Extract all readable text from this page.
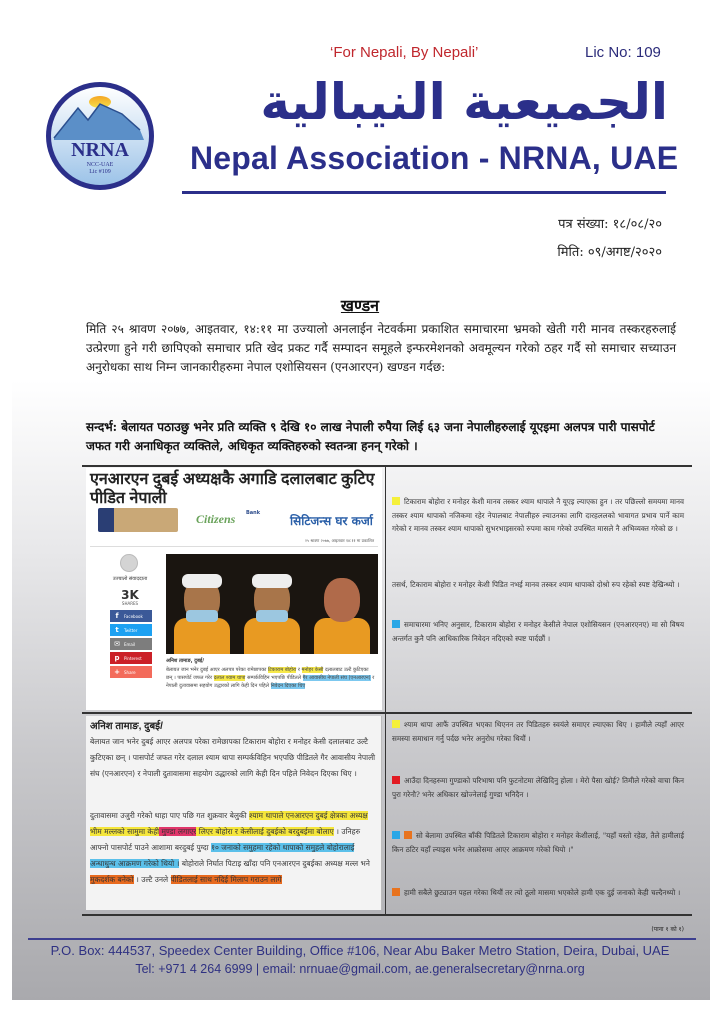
‘For Nepali, By Nepali’	Lic No: 109
NRNA
NCC-UAE
Lic #109
الجميعية النيبالية
Nepal Association - NRNA, UAE
पत्र संख्या: १८/०८/२०
मिति: ०९/अगष्ट/२०२०
खण्डन
मिति २५ श्रावण २०७७, आइतवार, १४:११ मा उज्यालो अनलाईन नेटवर्कमा प्रकाशित समाचारमा भ्रमको खेती गरी मानव तस्करहरुलाई उत्प्रेरणा हुने गरी छापिएको समाचार प्रति खेद प्रकट गर्दै सम्पादन समूहले इन्फरमेशनको अवमूल्यन गरेको ठहर गर्दै सो समाचार सच्याउन अनुरोधका साथ निम्न जानकारीहरुमा नेपाल एशोसियसन (एनआरएन) खण्डन गर्दछ:
सन्दर्भ: बेलायत पठाउछु भनेर प्रति व्यक्ति ९ देखि १० लाख नेपाली रुपैया लिई ६३ जना नेपालीहरुलाई यूएइमा अलपत्र पारी पासपोर्ट जफत गरी अनाधिकृत व्यक्तिले, अधिकृत व्यक्तिहरुको स्वतन्त्रा हनन् गरेको ।
एनआरएन दुबई अध्यक्षकै अगाडि दलालबाट कुटिए पीडित नेपाली
Citizens Bank
सिटिजन्स घर कर्जा
२५ श्रावण २०७७, आइतवार १४:११ मा प्रकाशित
उज्यालो संवाददाता
3K
SHARES
f	Facebook
t	Twitter
✉ Email
p	Pinterest
+ Share
अनिश तामाङ, दुबई/
बेलायत जान भनेर दुबई आएर अलपत्र परेका रामेछापका टिकाराम बोहोरा र मनोहर केसी दलालबाट उल्टै कुटिएका छन् । पासपोर्ट जफत गरेर दलाल श्याम थापा सम्पर्कविहिन भएपछि पीडितले गैर आवासीय नेपाली संघ (एनआरएन) र नेपाली दुतावासमा सहयोग उद्धारको लागि केही दिन पहिले निवेदन दिएका थिए
अनिश तामाङ, दुबई/
बेलायत जान भनेर दुबई आएर अलपत्र परेका रामेछापका टिकाराम बोहोरा र मनोहर केसी दलालबाट उल्टै कुटिएका छन् । पासपोर्ट जफत गरेर दलाल श्याम थापा सम्पर्कविहिन भएपछि पीडितले गैर आवासीय नेपाली संघ (एनआरएन) र नेपाली दुतावासमा सहयोग उद्धारको लागि केही दिन पहिले निवेदन दिएका थिए ।
दुतावासमा उजुरी गरेको थाहा पाए पछि गत शुक्रवार बेलुकी श्याम थापाले एनआरएन दुबई क्षेत्रका अध्यक्ष भीम मल्लको सामुमा केही मुण्डा लगाएर लिएर बोहोरा र केसीलाई दुबईको बरदुबईमा बोलाए । उनिहरु आफ्नो पासपोर्ट पाउने आशामा बरदुबई पुग्दा १० जनाको समुहमा रहेको थापाको समुहले बोहोरालाई अन्धाधुन्ध आक्रमण गरेको थियो । बोहोराले निर्घात पिटाइ खाँदा पनि एनआरएन दुबईका अध्यक्ष मल्ल भने मुकदर्शक बनेको । उल्टै उनले पीडितलाई साथ नदिई मिलाप गराउन लागे
टिकाराम बोहोरा र मनोहर केशी मानव तस्कर श्याम थापाले नै यूएइ ल्याएका हुन । तर पछिल्लो समयमा मानव तस्कर श्याम थापाको नजिकमा रहेर नेपालबाट नेपालीहरु ल्याउनका लागि दारहललको भावागत प्रभाव पार्ने काम गरेको र मानव तस्कर श्याम थापाको सुभरभाइसरको रुपमा काम गरेको उपस्थित मासले नै अभिव्यक्त गरेको छ ।
तसर्थ, टिकाराम बोहोरा र मनोहर केशी पिडित नभई मानव तस्कर श्याम थापाको दोश्रो रुप रहेको स्पष्ट देखिन्थ्यो ।
समाचारमा भनिए अनुसार, टिकाराम बोहोरा र मनोहर केसीले नेपाल एशोसियसन (एनआरएनए) मा सो विषय अन्तर्गत कुनै पनि आधिकारिक निवेदन नदिएको स्पष्ट पार्दछौं ।
श्याम थापा आफैं उपस्थित भएका थिएनन तर पिडितहरु स्वयंले समाएर ल्याएका थिए । हामीले त्यहाँ आएर समस्या समाधान गर्नु पर्दछ भनेर अनुरोध गरेका थियौं ।
आउँदा दिनहरुमा गुण्डाको परिभाषा पनि फुटनोटमा लेखिदिनु होला । मेरो पैसा खोई? तिमीले गरेको वाचा किन पुरा गरेनौ? भनेर अधिकार खोज्नेलाई गुण्डा भनिदैन ।
सो बेलामा उपस्थित बाँकी पिडितले टिकाराम बोहोरा र मनोहर केशीलाई, "यहाँ यस्तो रहेछ, तैले हामीलाई किन ठटिर यहाँ ल्याइस भनेर आक्रोसमा आएर आक्रमण गरेको थियो ।"
हामी सबैले छुट्याउन पहल गरेका थियौं तर त्यो ठूलो मासमा भएकोले हामी एक दुई जनाको केही चल्दैनथ्यो ।
(पाना १ को १)
P.O. Box: 444537, Speedex Center Building, Office #106, Near Abu Baker Metro Station, Deira, Dubai, UAE
Tel: +971 4 264 6999 | email: nrnuae@gmail.com, ae.generalsecretary@nrna.org
